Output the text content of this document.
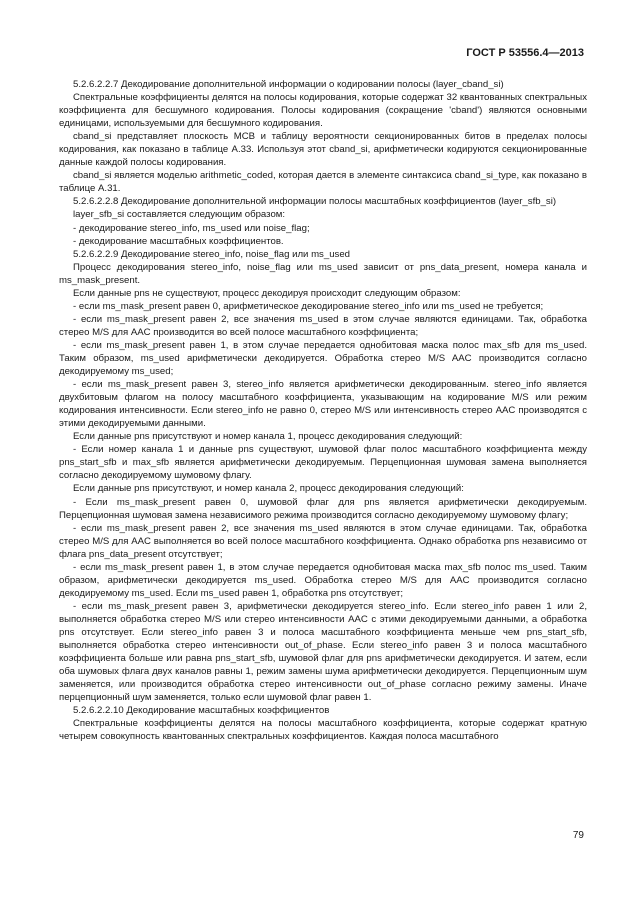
ГОСТ Р 53556.4—2013

5.2.6.2.2.7 Декодирование дополнительной информации о кодировании полосы (layer_cband_si)

Спектральные коэффициенты делятся на полосы кодирования, которые содержат 32 квантованных спектральных коэффициента для бесшумного кодирования. Полосы кодирования (сокращение 'cband') являются основными единицами, используемыми для бесшумного кодирования.

cband_si представляет плоскость MCB и таблицу вероятности секционированных битов в пределах полосы кодирования, как показано в таблице А.33. Используя этот cband_si, арифметически кодируются секционированные данные каждой полосы кодирования.

cband_si является моделью arithmetic_coded, которая дается в элементе синтаксиса cband_si_type, как показано в таблице А.31.

5.2.6.2.2.8 Декодирование дополнительной информации полосы масштабных коэффициентов (layer_sfb_si)

layer_sfb_si составляется следующим образом:

- декодирование stereo_info, ms_used или noise_flag;

- декодирование масштабных коэффициентов.

5.2.6.2.2.9 Декодирование stereo_info, noise_flag или ms_used

Процесс декодирования stereo_info, noise_flag или ms_used зависит от pns_data_present, номера канала и ms_mask_present.

Если данные pns не существуют, процесс декодируя происходит следующим образом:

- если ms_mask_present равен 0, арифметическое декодирование stereo_info или ms_used не требуется;

- если ms_mask_present равен 2, все значения ms_used в этом случае являются единицами. Так, обработка стерео M/S для AAC производится во всей полосе масштабного коэффициента;

- если ms_mask_present равен 1, в этом случае передается однобитовая маска полос max_sfb для ms_used. Таким образом, ms_used арифметически декодируется. Обработка стерео M/S AAC производится согласно декодируемому ms_used;

- если ms_mask_present равен 3, stereo_info является арифметически декодированным. stereo_info является двухбитовым флагом на полосу масштабного коэффициента, указывающим на кодирование M/S или режим кодирования интенсивности. Если stereo_info не равно 0, стерео M/S или интенсивность стерео AAC производятся с этими декодируемыми данными.

Если данные pns присутствуют и номер канала 1, процесс декодирования следующий:

- Если номер канала 1 и данные pns существуют, шумовой флаг полос масштабного коэффициента между pns_start_sfb и max_sfb является арифметически декодируемым. Перцепционная шумовая замена выполняется согласно декодируемому шумовому флагу.

Если данные pns присутствуют, и номер канала 2, процесс декодирования следующий:

- Если ms_mask_present равен 0, шумовой флаг для pns является арифметически декодируемым. Перцепционная шумовая замена независимого режима производится согласно декодируемому шумовому флагу;

- если ms_mask_present равен 2, все значения ms_used являются в этом случае единицами. Так, обработка стерео M/S для AAC выполняется во всей полосе масштабного коэффициента. Однако обработка pns независимо от флага pns_data_present отсутствует;

- если ms_mask_present равен 1, в этом случае передается однобитовая маска max_sfb полос ms_used. Таким образом, арифметически декодируется ms_used. Обработка стерео M/S для AAC производится согласно декодируемому ms_used. Если ms_used равен 1, обработка pns отсутствует;

- если ms_mask_present равен 3, арифметически декодируется stereo_info. Если stereo_info равен 1 или 2, выполняется обработка стерео M/S или стерео интенсивности AAC с этими декодируемыми данными, а обработка pns отсутствует. Если stereo_info равен 3 и полоса масштабного коэффициента меньше чем pns_start_sfb, выполняется обработка стерео интенсивности out_of_phase. Если stereo_info равен 3 и полоса масштабного коэффициента больше или равна pns_start_sfb, шумовой флаг для pns арифметически декодируется. И затем, если оба шумовых флага двух каналов равны 1, режим замены шума арифметически декодируется. Перцепционным шум заменяется, или производится обработка стерео интенсивности out_of_phase согласно режиму замены. Иначе перцепционный шум заменяется, только если шумовой флаг равен 1.

5.2.6.2.2.10 Декодирование масштабных коэффициентов

Спектральные коэффициенты делятся на полосы масштабного коэффициента, которые содержат кратную четырем совокупность квантованных спектральных коэффициентов. Каждая полоса масштабного

79
